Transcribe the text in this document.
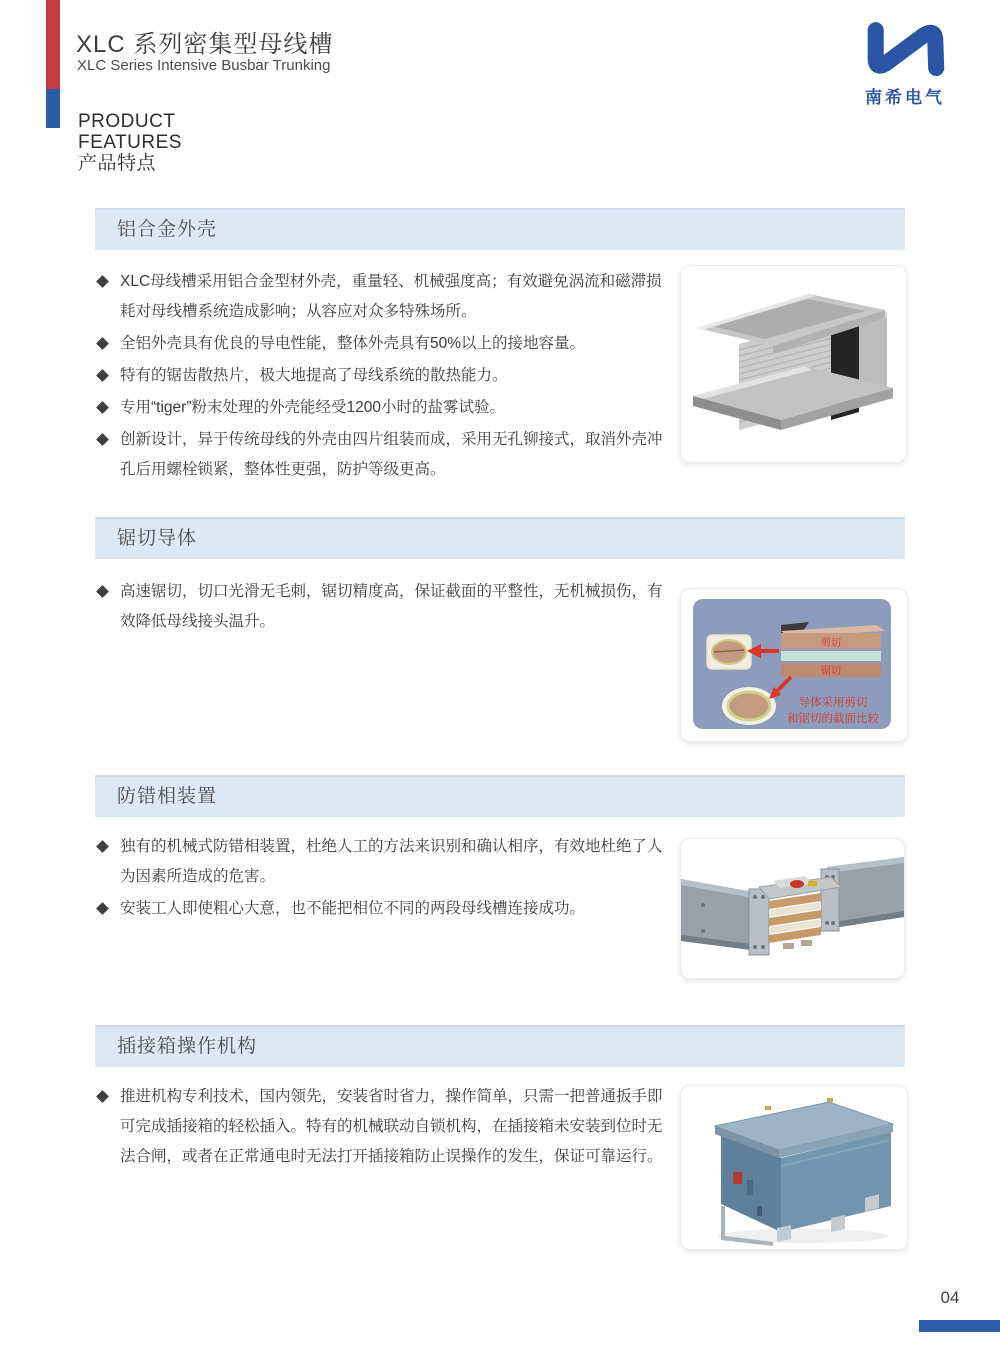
XLC 系列密集型母线槽
XLC Series Intensive Busbar Trunking
南希电气
PRODUCT
FEATURES
产品特点
铝合金外壳
XLC母线槽采用铝合金型材外壳，重量轻、机械强度高；有效避免涡流和磁滞损耗对母线槽系统造成影响；从容应对众多特殊场所。
全铝外壳具有优良的导电性能，整体外壳具有50%以上的接地容量。
特有的锯齿散热片，极大地提高了母线系统的散热能力。
专用“tiger”粉末处理的外壳能经受1200小时的盐雾试验。
创新设计，异于传统母线的外壳由四片组装而成，采用无孔铆接式，取消外壳冲孔后用螺栓锁紧，整体性更强，防护等级更高。
锯切导体
高速锯切，切口光滑无毛刺，锯切精度高，保证截面的平整性，无机械损伤，有效降低母线接头温升。
剪切
锯切
导体采用剪切
和锯切的截面比较
防错相装置
独有的机械式防错相装置，杜绝人工的方法来识别和确认相序，有效地杜绝了人为因素所造成的危害。
安装工人即使粗心大意，也不能把相位不同的两段母线槽连接成功。
插接箱操作机构
推进机构专利技术，国内领先，安装省时省力，操作简单，只需一把普通扳手即可完成插接箱的轻松插入。特有的机械联动自锁机构，在插接箱未安装到位时无法合闸，或者在正常通电时无法打开插接箱防止误操作的发生，保证可靠运行。
04
